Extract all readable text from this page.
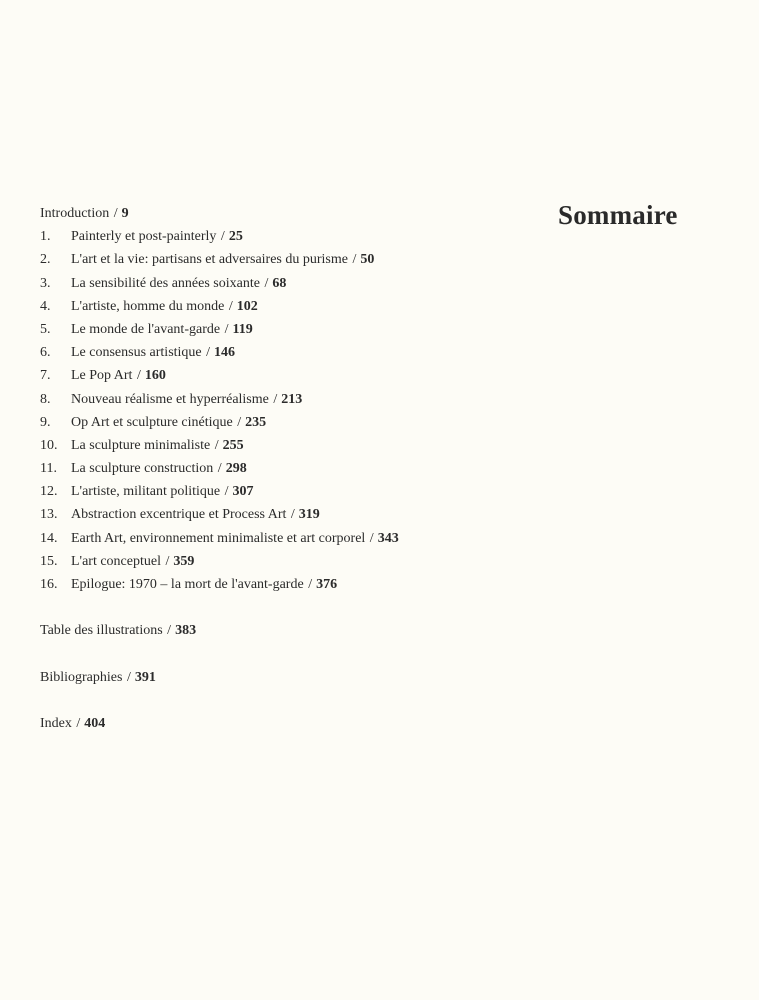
Sommaire
Introduction / 9
1. Painterly et post-painterly / 25
2. L'art et la vie: partisans et adversaires du purisme / 50
3. La sensibilité des années soixante / 68
4. L'artiste, homme du monde / 102
5. Le monde de l'avant-garde / 119
6. Le consensus artistique / 146
7. Le Pop Art / 160
8. Nouveau réalisme et hyperréalisme / 213
9. Op Art et sculpture cinétique / 235
10. La sculpture minimaliste / 255
11. La sculpture construction / 298
12. L'artiste, militant politique / 307
13. Abstraction excentrique et Process Art / 319
14. Earth Art, environnement minimaliste et art corporel / 343
15. L'art conceptuel / 359
16. Epilogue: 1970 – la mort de l'avant-garde / 376
Table des illustrations / 383
Bibliographies / 391
Index / 404
